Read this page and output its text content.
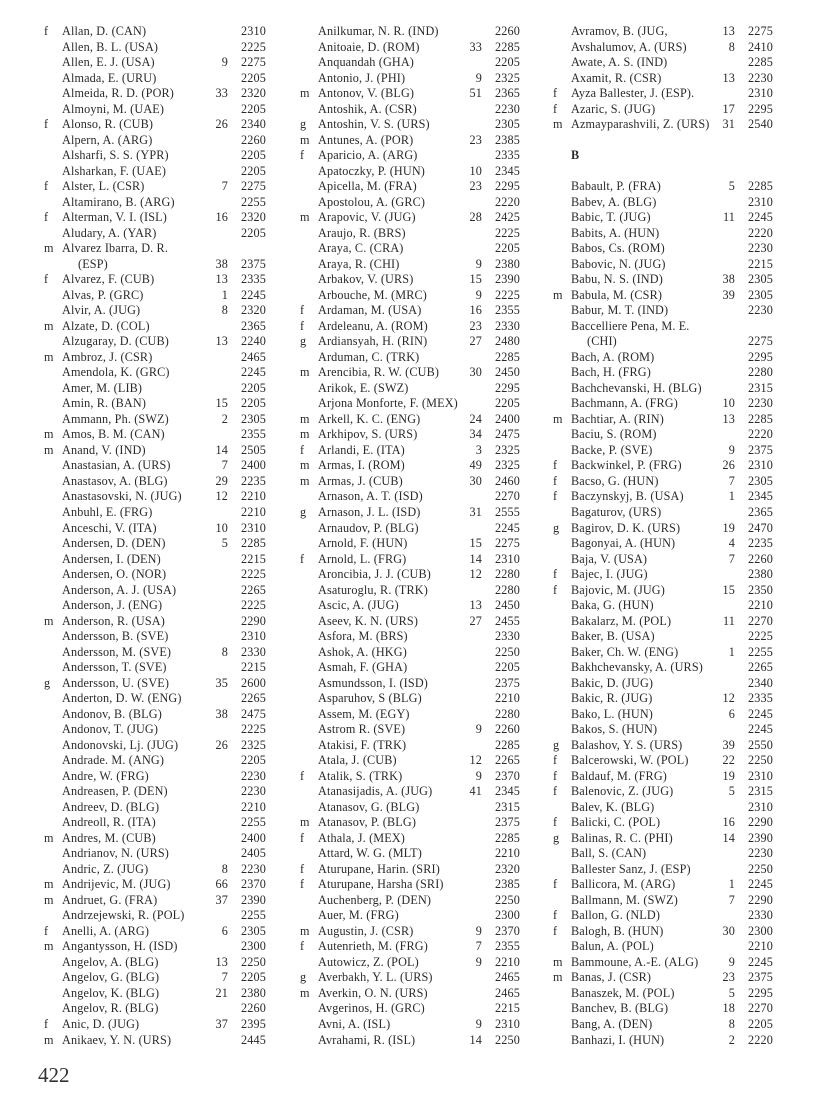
f	Allan, D. (CAN)	2310
Allen, B. L. (USA)	2225
Allen, E. J. (USA)	9 2275
Almada, E. (URU)	2205
Almeida, R. D. (POR)	33 2320
Almoyni, M. (UAE)	2205
f	Alonso, R. (CUB)	26 2340
Alpern, A. (ARG)	2260
Alsharfi, S. S. (YPR)	2205
Alsharkan, F. (UAE)	2205
f	Alster, L. (CSR)	7 2275
Altamirano, B. (ARG)	2255
f	Alterman, V. I. (ISL)	16 2320
Aludary, A. (YAR)	2205
m Alvarez Ibarra, D. R.
(ESP)	38 2375
f	Alvarez, F. (CUB)	13 2335
Alvas, P. (GRC)	1 2245
Alvir, A. (JUG)	8 2320
m Alzate, D. (COL)	2365
Alzugaray, D. (CUB)	13 2240
m Ambroz, J. (CSR)	2465
Amendola, K. (GRC)	2245
Amer, M. (LIB)	2205
Amin, R. (BAN)	15 2205
Ammann, Ph. (SWZ)	2 2305
m Amos, B. M. (CAN)	2355
m Anand, V. (IND)	14 2505
Anastasian, A. (URS)	7 2400
Anastasov, A. (BLG)	29 2235
Anastasovski, N. (JUG)	12 2210
Anbuhl, E. (FRG)	2210
Anceschi, V. (ITA)	10 2310
Andersen, D. (DEN)	5 2285
Andersen, I. (DEN)	2215
Andersen, O. (NOR)	2225
Anderson, A. J. (USA)	2265
Anderson, J. (ENG)	2225
m Anderson, R. (USA)	2290
Andersson, B. (SVE)	2310
Andersson, M. (SVE)	8 2330
Andersson, T. (SVE)	2215
g Andersson, U. (SVE)	35 2600
Anderton, D. W. (ENG)	2265
Andonov, B. (BLG)	38 2475
Andonov, T. (JUG)	2225
Andonovski, Lj. (JUG)	26 2325
Andrade. M. (ANG)	2205
Andre, W. (FRG)	2230
Andreasen, P. (DEN)	2230
Andreev, D. (BLG)	2210
Andreoll, R. (ITA)	2255
m Andres, M. (CUB)	2400
Andrianov, N. (URS)	2405
Andric, Z. (JUG)	8 2230
m Andrijevic, M. (JUG)	66 2370
m Andruet, G. (FRA)	37 2390
Andrzejewski, R. (POL)	2255
f	Anelli, A. (ARG)	6 2305
m Angantysson, H. (ISD)	2300
Angelov, A. (BLG)	13 2250
Angelov, G. (BLG)	7 2205
Angelov, K. (BLG)	21 2380
Angelov, R. (BLG)	2260
f	Anic, D. (JUG)	37 2395
m Anikaev, Y. N. (URS)	2445
Anilkumar, N. R. (IND)	2260
Anitoaie, D. (ROM)	33 2285
Anquandah (GHA)	2205
Antonio, J. (PHI)	9 2325
m Antonov, V. (BLG)	51 2365
Antoshik, A. (CSR)	2230
g Antoshin, V. S. (URS)	2305
m Antunes, A. (POR)	23 2385
f	Aparicio, A. (ARG)	2335
Apatoczky, P. (HUN)	10 2345
Apicella, M. (FRA)	23 2295
Apostolou, A. (GRC)	2220
m Arapovic, V. (JUG)	28 2425
Araujo, R. (BRS)	2225
Araya, C. (CRA)	2205
Araya, R. (CHI)	9 2380
Arbakov, V. (URS)	15 2390
Arbouche, M. (MRC)	9 2225
f	Ardaman, M. (USA)	16 2355
f	Ardeleanu, A. (ROM)	23 2330
g Ardiansyah, H. (RIN)	27 2480
Arduman, C. (TRK)	2285
m Arencibia, R. W. (CUB) 30 2450
Arikok, E. (SWZ)	2295
Arjona Monforte, F. (MEX)	2205
m Arkell, K. C. (ENG)	24 2400
m Arkhipov, S. (URS)	34 2475
f	Arlandi, E. (ITA)	3 2325
m Armas, I. (ROM)	49 2325
m Armas, J. (CUB)	30 2460
Arnason, A. T. (ISD)	2270
g Arnason, J. L. (ISD)	31 2555
Arnaudov, P. (BLG)	2245
Arnold, F. (HUN)	15 2275
f	Arnold, L. (FRG)	14 2310
Aroncibia, J. J. (CUB)	12 2280
Asaturoglu, R. (TRK)	2280
Ascic, A. (JUG)	13 2450
Aseev, K. N. (URS)	27 2455
Asfora, M. (BRS)	2330
Ashok, A. (HKG)	2250
Asmah, F. (GHA)	2205
Asmundsson, I. (ISD)	2375
Asparuhov, S (BLG)	2210
Assem, M. (EGY)	2280
Astrom R. (SVE)	9 2260
Atakisi, F. (TRK)	2285
Atala, J. (CUB)	12 2265
f	Atalik, S. (TRK)	9 2370
Atanasijadis, A. (JUG)	41 2345
Atanasov, G. (BLG)	2315
m Atanasov, P. (BLG)	2375
f	Athala, J. (MEX)	2285
Attard, W. G. (MLT)	2210
f	Aturupane, Harin. (SRI)	2320
f	Aturupane, Harsha (SRI)	2385
Auchenberg, P. (DEN)	2250
Auer, M. (FRG)	2300
m Augustin, J. (CSR)	9 2370
f	Autenrieth, M. (FRG)	7 2355
Autowicz, Z. (POL)	9 2210
g Averbakh, Y. L. (URS)	2465
m Averkin, O. N. (URS)	2465
Avgerinos, H. (GRC)	2215
Avni, A. (ISL)	9 2310
Avrahami, R. (ISL)	14 2250
Avramov, B. (JUG,	13 2275
Avshalumov, A. (URS)	8 2410
Awate, A. S. (IND)	2285
Axamit, R. (CSR)	13 2230
f	Ayza Ballester, J. (ESP).	2310
f	Azaric, S. (JUG)	17 2295
m Azmayparashvili, Z. (URS) 31 2540
B
Babault, P. (FRA)	5 2285
Babev, A. (BLG)	2310
Babic, T. (JUG)	11 2245
Babits, A. (HUN)	2220
Babos, Cs. (ROM)	2230
Babovic, N. (JUG)	2215
Babu, N. S. (IND)	38 2305
m Babula, M. (CSR)	39 2305
Babur, M. T. (IND)	2230
Baccelliere Pena, M. E.
(CHI)	2275
Bach, A. (ROM)	2295
Bach, H. (FRG)	2280
Bachchevanski, H. (BLG)	2315
Bachmann, A. (FRG)	10 2230
m Bachtiar, A. (RIN)	13 2285
Baciu, S. (ROM)	2220
Backe, P. (SVE)	9 2375
f	Backwinkel, P. (FRG)	26 2310
f	Bacso, G. (HUN)	7 2305
f	Baczynskyj, B. (USA)	1 2345
Bagaturov, (URS)	2365
g Bagirov, D. K. (URS)	19 2470
Bagonyai, A. (HUN)	4 2235
Baja, V. (USA)	7 2260
f	Bajec, I. (JUG)	2380
f	Bajovic, M. (JUG)	15 2350
Baka, G. (HUN)	2210
Bakalarz, M. (POL)	11 2270
Baker, B. (USA)	2225
Baker, Ch. W. (ENG)	1 2255
Bakhchevansky, A. (URS)	2265
Bakic, D. (JUG)	2340
Bakic, R. (JUG)	12 2335
Bako, L. (HUN)	6 2245
Bakos, S. (HUN)	2245
g Balashov, Y. S. (URS)	39 2550
f	Balcerowski, W. (POL)	22 2250
f	Baldauf, M. (FRG)	19 2310
f	Balenovic, Z. (JUG)	5 2315
Balev, K. (BLG)	2310
f	Balicki, C. (POL)	16 2290
g Balinas, R. C. (PHI)	14 2390
Ball, S. (CAN)	2230
Ballester Sanz, J. (ESP)	2250
f	Ballicora, M. (ARG)	1 2245
Ballmann, M. (SWZ)	7 2290
f	Ballon, G. (NLD)	2330
f	Balogh, B. (HUN)	30 2300
Balun, A. (POL)	2210
m Bammoune, A.-E. (ALG) 9 2245
m Banas, J. (CSR)	23 2375
Banaszek, M. (POL)	5 2295
Banchev, B. (BLG)	18 2270
Bang, A. (DEN)	8 2205
Banhazi, I. (HUN)	2 2220
422
